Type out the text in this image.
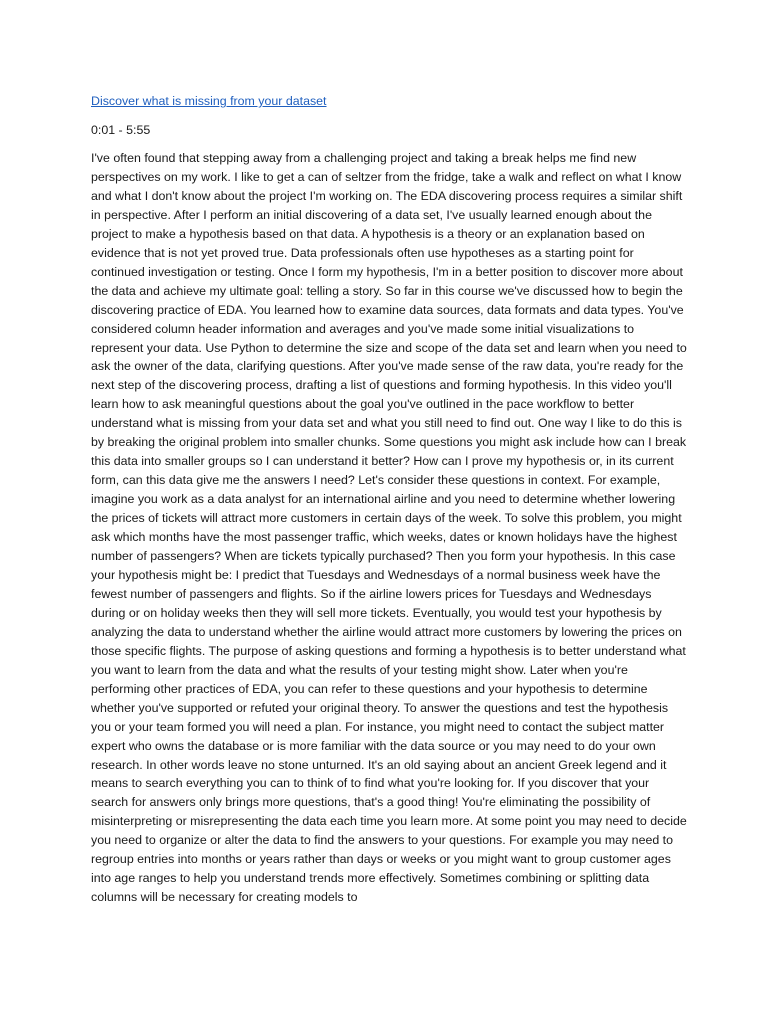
Discover what is missing from your dataset
0:01 - 5:55
I've often found that stepping away from a challenging project and taking a break helps me find new perspectives on my work. I like to get a can of seltzer from the fridge, take a walk and reflect on what I know and what I don't know about the project I'm working on. The EDA discovering process requires a similar shift in perspective. After I perform an initial discovering of a data set, I've usually learned enough about the project to make a hypothesis based on that data. A hypothesis is a theory or an explanation based on evidence that is not yet proved true. Data professionals often use hypotheses as a starting point for continued investigation or testing. Once I form my hypothesis, I'm in a better position to discover more about the data and achieve my ultimate goal: telling a story. So far in this course we've discussed how to begin the discovering practice of EDA. You learned how to examine data sources, data formats and data types. You've considered column header information and averages and you've made some initial visualizations to represent your data. Use Python to determine the size and scope of the data set and learn when you need to ask the owner of the data, clarifying questions. After you've made sense of the raw data, you're ready for the next step of the discovering process, drafting a list of questions and forming hypothesis. In this video you'll learn how to ask meaningful questions about the goal you've outlined in the pace workflow to better understand what is missing from your data set and what you still need to find out. One way I like to do this is by breaking the original problem into smaller chunks. Some questions you might ask include how can I break this data into smaller groups so I can understand it better? How can I prove my hypothesis or, in its current form, can this data give me the answers I need? Let's consider these questions in context. For example, imagine you work as a data analyst for an international airline and you need to determine whether lowering the prices of tickets will attract more customers in certain days of the week. To solve this problem, you might ask which months have the most passenger traffic, which weeks, dates or known holidays have the highest number of passengers? When are tickets typically purchased? Then you form your hypothesis. In this case your hypothesis might be: I predict that Tuesdays and Wednesdays of a normal business week have the fewest number of passengers and flights. So if the airline lowers prices for Tuesdays and Wednesdays during or on holiday weeks then they will sell more tickets. Eventually, you would test your hypothesis by analyzing the data to understand whether the airline would attract more customers by lowering the prices on those specific flights. The purpose of asking questions and forming a hypothesis is to better understand what you want to learn from the data and what the results of your testing might show. Later when you're performing other practices of EDA, you can refer to these questions and your hypothesis to determine whether you've supported or refuted your original theory. To answer the questions and test the hypothesis you or your team formed you will need a plan. For instance, you might need to contact the subject matter expert who owns the database or is more familiar with the data source or you may need to do your own research. In other words leave no stone unturned. It's an old saying about an ancient Greek legend and it means to search everything you can to think of to find what you're looking for. If you discover that your search for answers only brings more questions, that's a good thing! You're eliminating the possibility of misinterpreting or misrepresenting the data each time you learn more. At some point you may need to decide you need to organize or alter the data to find the answers to your questions. For example you may need to regroup entries into months or years rather than days or weeks or you might want to group customer ages into age ranges to help you understand trends more effectively. Sometimes combining or splitting data columns will be necessary for creating models to
